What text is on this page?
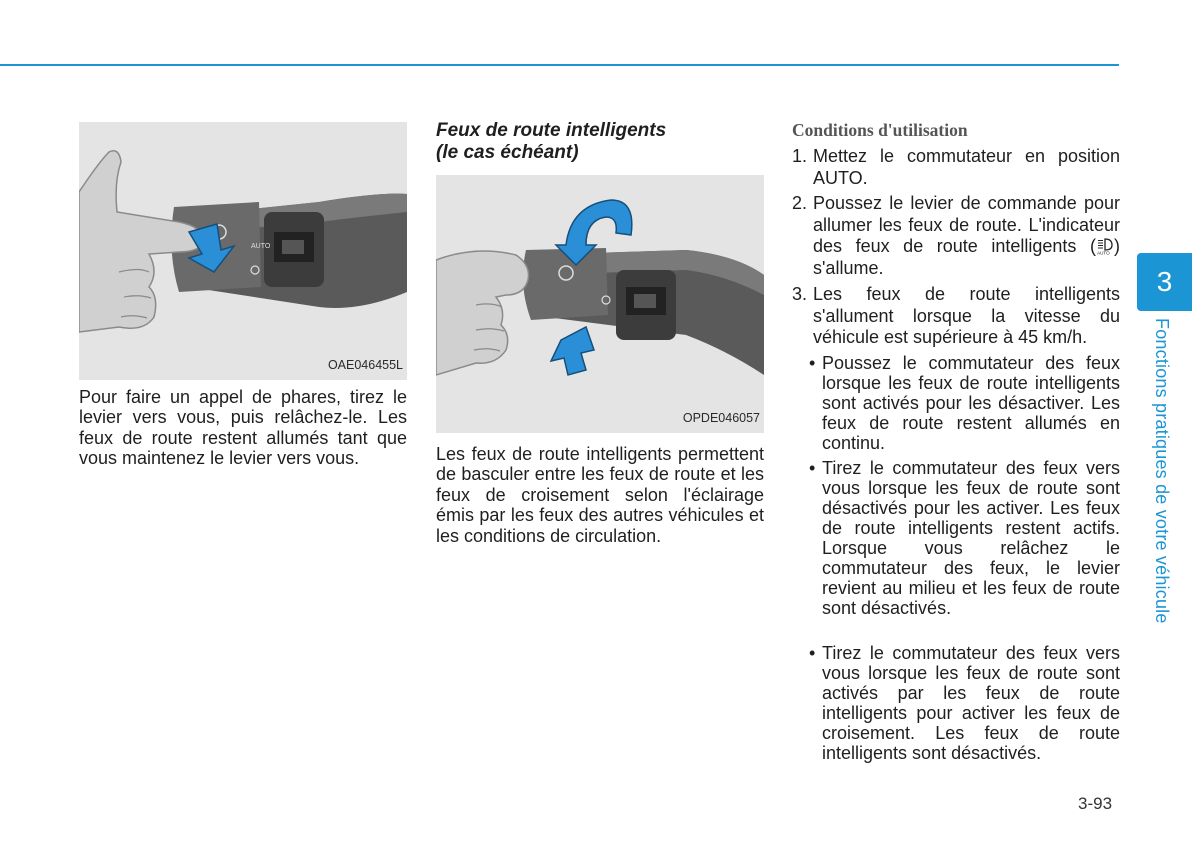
AUTO
OAE046455L

Pour faire un appel de phares, tirez le levier vers vous, puis relâchez-le. Les feux de route restent allumés tant que vous maintenez le levier vers vous.

Feux de route intelligents
(le cas échéant)

OPDE046057

Les feux de route intelligents permettent de basculer entre les feux de route et les feux de croisement selon l'éclairage émis par les feux des autres véhicules et les conditions de circulation.

Conditions d'utilisation

1. Mettez le commutateur en position AUTO.
2. Poussez le levier de commande pour allumer les feux de route. L'indicateur des feux de route intelligents ( AUTO ) s'allume.
3. Les feux de route intelligents s'allument lorsque la vitesse du véhicule est supérieure à 45 km/h.
• Poussez le commutateur des feux lorsque les feux de route intelligents sont activés pour les désactiver. Les feux de route restent allumés en continu.
• Tirez le commutateur des feux vers vous lorsque les feux de route sont désactivés pour les activer. Les feux de route intelligents restent actifs. Lorsque vous relâchez le commutateur des feux, le levier revient au milieu et les feux de route sont désactivés.
• Tirez le commutateur des feux vers vous lorsque les feux de route sont activés par les feux de route intelligents pour activer les feux de croisement. Les feux de route intelligents sont désactivés.
3
Fonctions pratiques de votre véhicule
3-93
